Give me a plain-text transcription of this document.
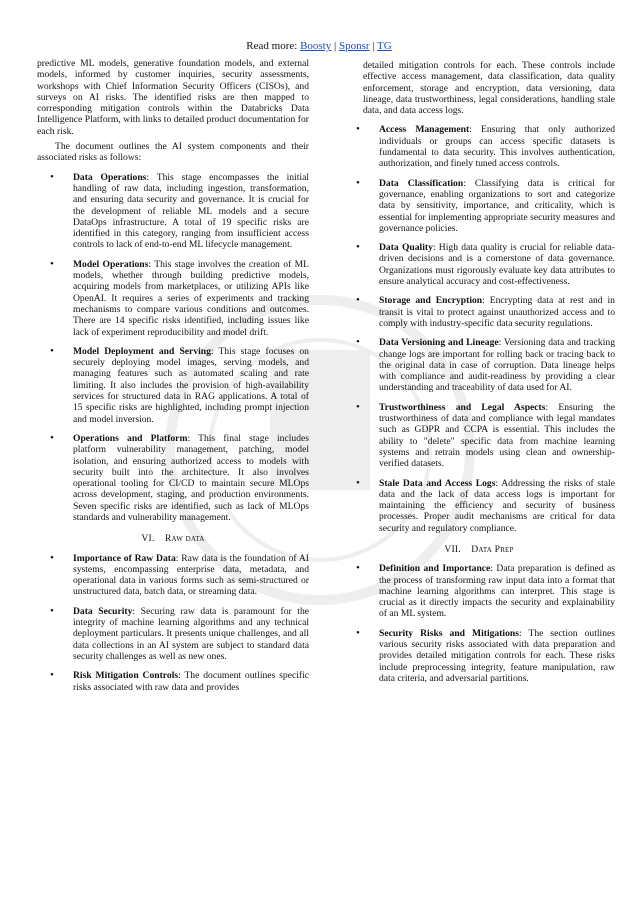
Read more: Boosty | Sponsr | TG

predictive ML models, generative foundation models, and external models, informed by customer inquiries, security assessments, workshops with Chief Information Security Officers (CISOs), and surveys on AI risks. The identified risks are then mapped to corresponding mitigation controls within the Databricks Data Intelligence Platform, with links to detailed product documentation for each risk.

The document outlines the AI system components and their associated risks as follows:

• Data Operations: This stage encompasses the initial handling of raw data, including ingestion, transformation, and ensuring data security and governance. It is crucial for the development of reliable ML models and a secure DataOps infrastructure. A total of 19 specific risks are identified in this category, ranging from insufficient access controls to lack of end-to-end ML lifecycle management.
• Model Operations: This stage involves the creation of ML models, whether through building predictive models, acquiring models from marketplaces, or utilizing APIs like OpenAI. It requires a series of experiments and tracking mechanisms to compare various conditions and outcomes. There are 14 specific risks identified, including issues like lack of experiment reproducibility and model drift.
• Model Deployment and Serving: This stage focuses on securely deploying model images, serving models, and managing features such as automated scaling and rate limiting. It also includes the provision of high-availability services for structured data in RAG applications. A total of 15 specific risks are highlighted, including prompt injection and model inversion.
• Operations and Platform: This final stage includes platform vulnerability management, patching, model isolation, and ensuring authorized access to models with security built into the architecture. It also involves operational tooling for CI/CD to maintain secure MLOps across development, staging, and production environments. Seven specific risks are identified, such as lack of MLOps standards and vulnerability management.
VI. Raw data
• Importance of Raw Data: Raw data is the foundation of AI systems, encompassing enterprise data, metadata, and operational data in various forms such as semi-structured or unstructured data, batch data, or streaming data.
• Data Security: Securing raw data is paramount for the integrity of machine learning algorithms and any technical deployment particulars. It presents unique challenges, and all data collections in an AI system are subject to standard data security challenges as well as new ones.
• Risk Mitigation Controls: The document outlines specific risks associated with raw data and provides
detailed mitigation controls for each. These controls include effective access management, data classification, data quality enforcement, storage and encryption, data versioning, data lineage, data trustworthiness, legal considerations, handling stale data, and data access logs.
• Access Management: Ensuring that only authorized individuals or groups can access specific datasets is fundamental to data security. This involves authentication, authorization, and finely tuned access controls.
• Data Classification: Classifying data is critical for governance, enabling organizations to sort and categorize data by sensitivity, importance, and criticality, which is essential for implementing appropriate security measures and governance policies.
• Data Quality: High data quality is crucial for reliable data-driven decisions and is a cornerstone of data governance. Organizations must rigorously evaluate key data attributes to ensure analytical accuracy and cost-effectiveness.
• Storage and Encryption: Encrypting data at rest and in transit is vital to protect against unauthorized access and to comply with industry-specific data security regulations.
• Data Versioning and Lineage: Versioning data and tracking change logs are important for rolling back or tracing back to the original data in case of corruption. Data lineage helps with compliance and audit-readiness by providing a clear understanding and traceability of data used for AI.
• Trustworthiness and Legal Aspects: Ensuring the trustworthiness of data and compliance with legal mandates such as GDPR and CCPA is essential. This includes the ability to "delete" specific data from machine learning systems and retrain models using clean and ownership-verified datasets.
• Stale Data and Access Logs: Addressing the risks of stale data and the lack of data access logs is important for maintaining the efficiency and security of business processes. Proper audit mechanisms are critical for data security and regulatory compliance.
VII. Data Prep
• Definition and Importance: Data preparation is defined as the process of transforming raw input data into a format that machine learning algorithms can interpret. This stage is crucial as it directly impacts the security and explainability of an ML system.
• Security Risks and Mitigations: The section outlines various security risks associated with data preparation and provides detailed mitigation controls for each. These risks include preprocessing integrity, feature manipulation, raw data criteria, and adversarial partitions.
